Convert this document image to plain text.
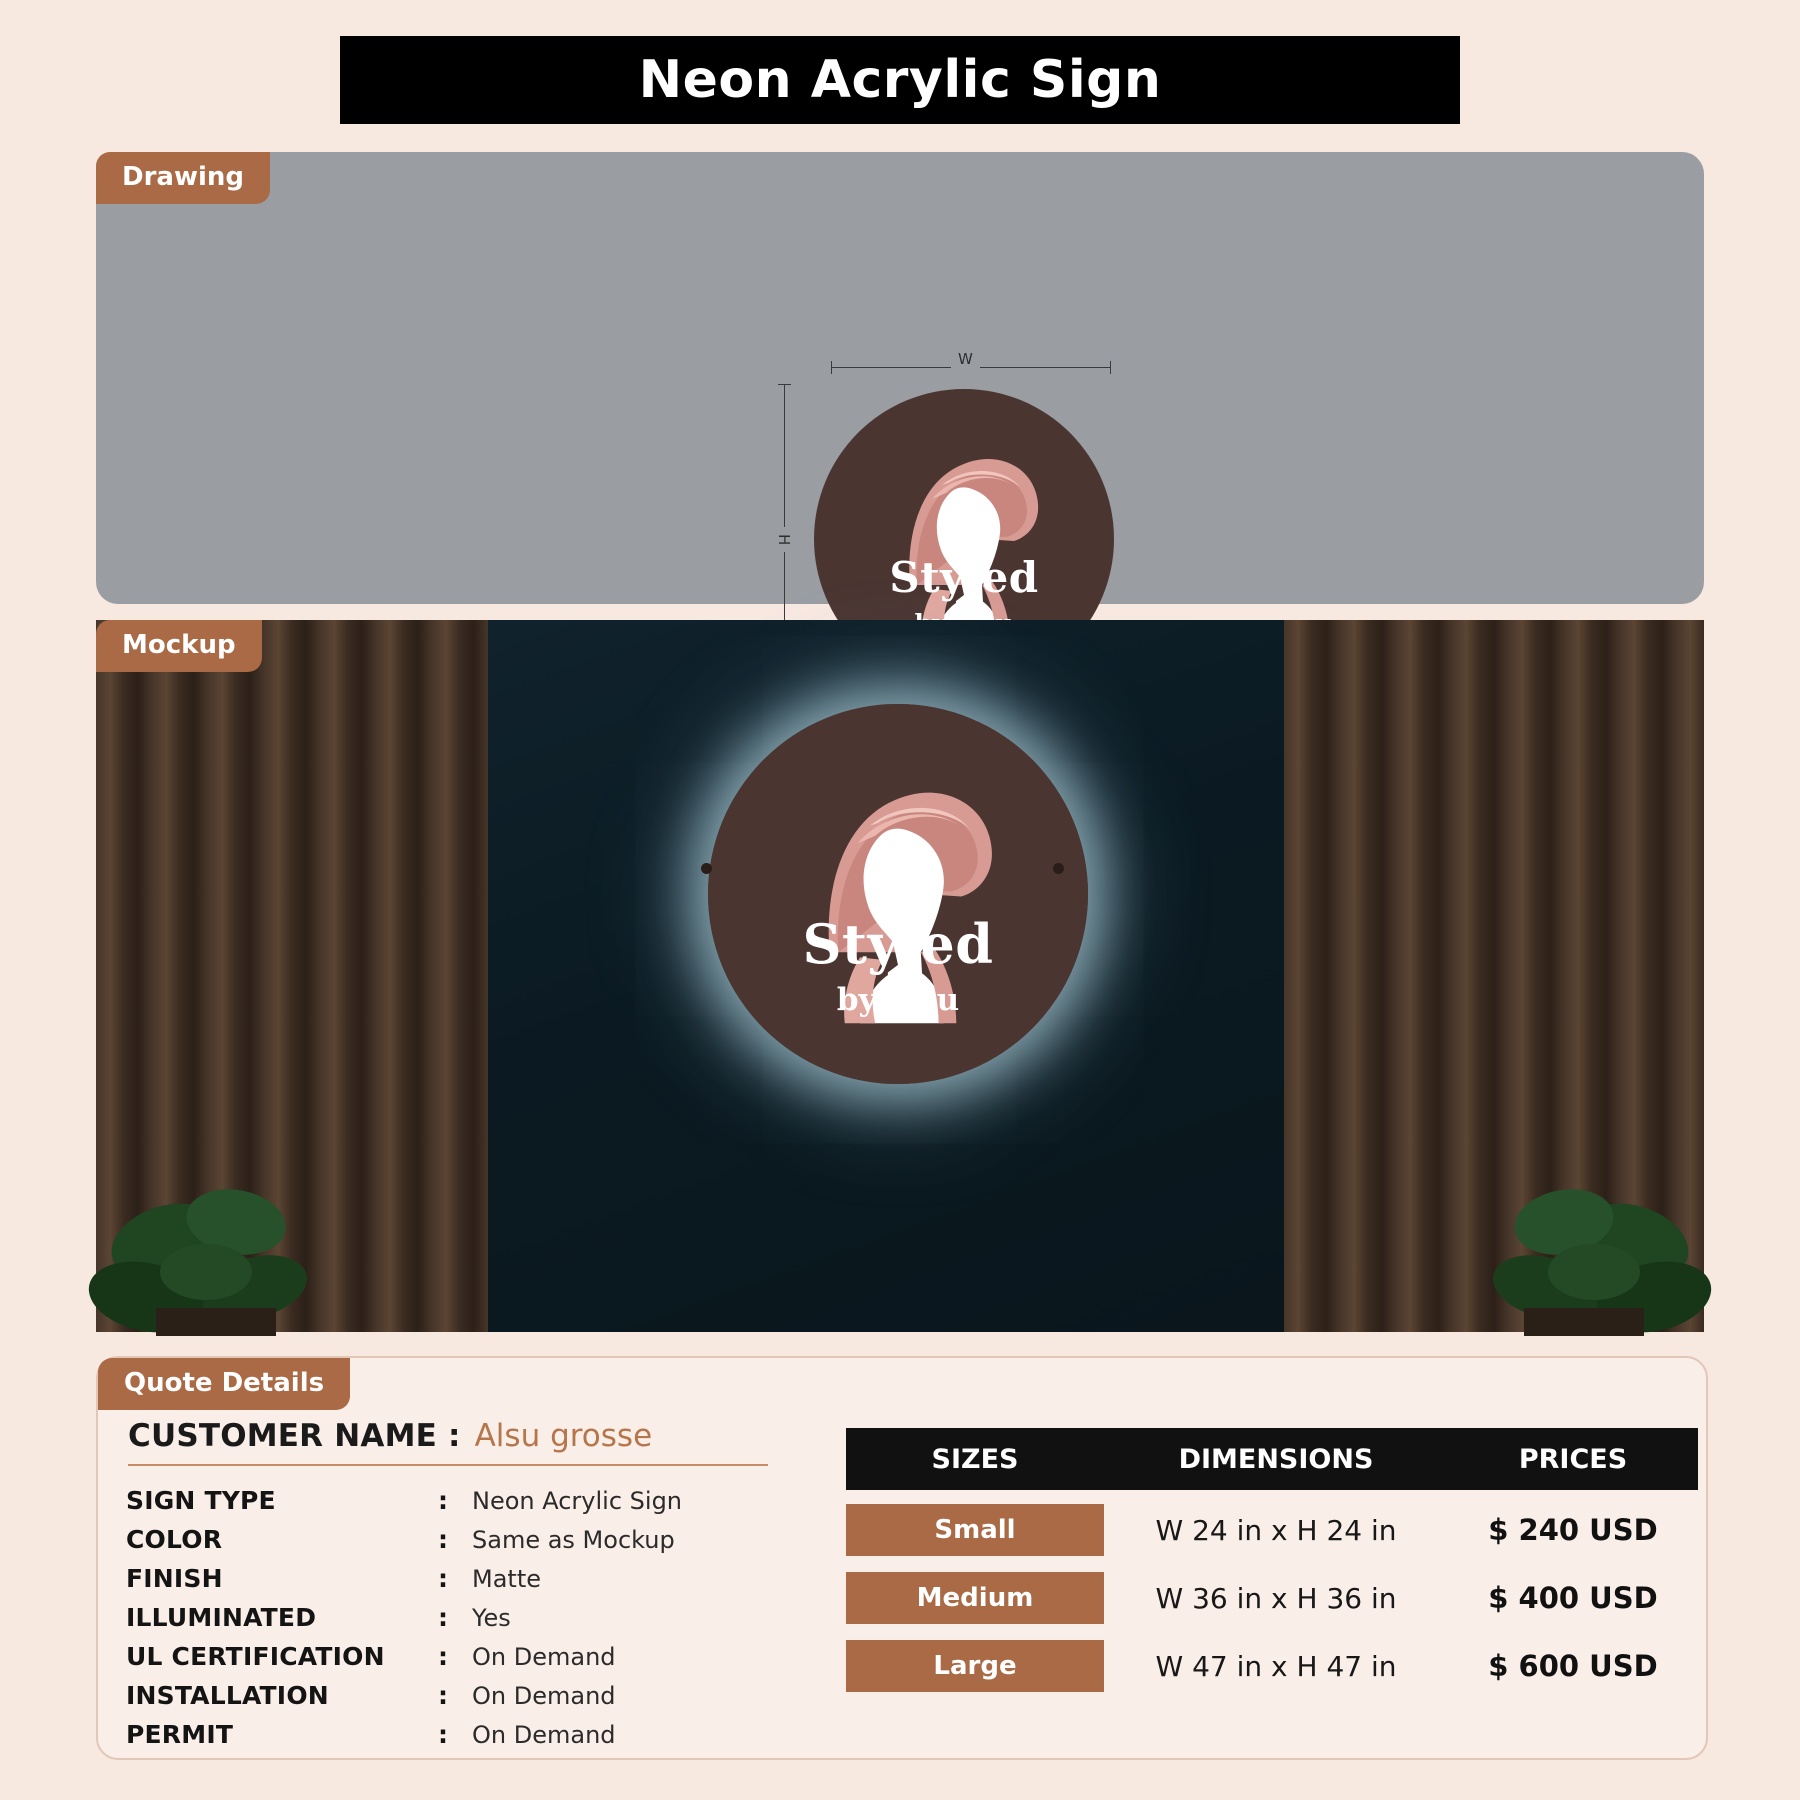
Neon Acrylic Sign
W
H
Styled
Drawing
Styled
by alsu
Mockup
Quote Details
CUSTOMER NAME : Alsu grosse
SIGN TYPE	:	Neon Acrylic Sign
COLOR	:	Same as Mockup
FINISH	:	Matte
ILLUMINATED	:	Yes
UL CERTIFICATION	:	On Demand
INSTALLATION	:	On Demand
PERMIT	:	On Demand
SIZES	DIMENSIONS	PRICES
Small	W 24 in x H 24 in	$ 240 USD
Medium	W 36 in x H 36 in	$ 400 USD
Large	W 47 in x H 47 in	$ 600 USD
